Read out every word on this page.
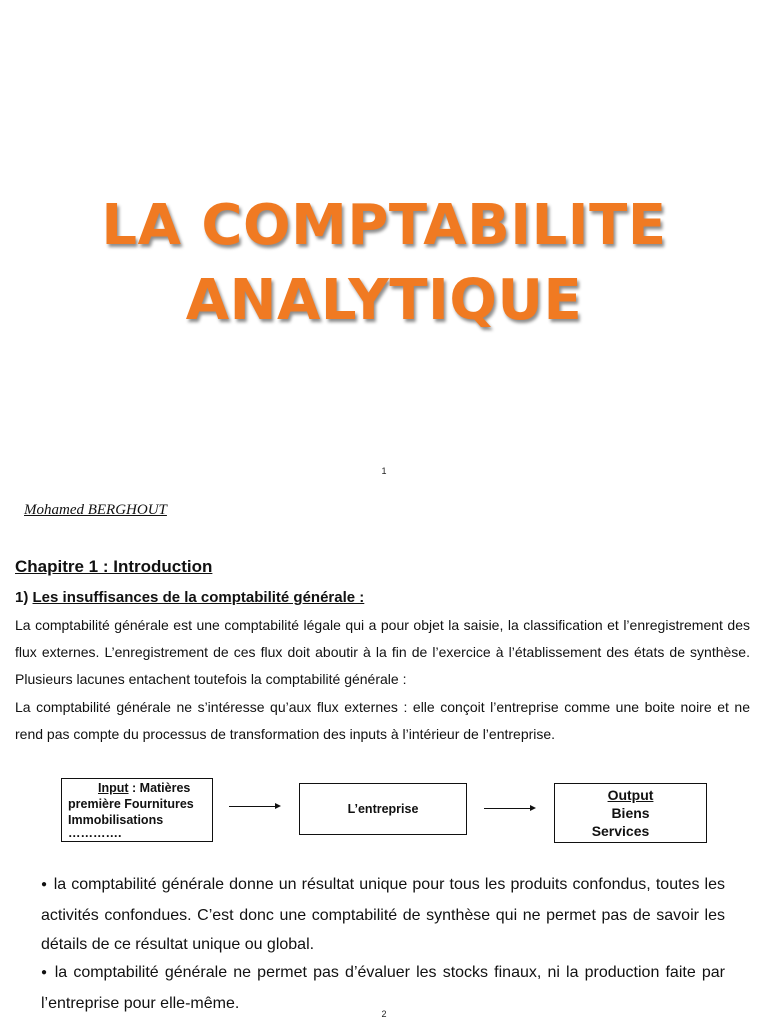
LA COMPTABILITE
ANALYTIQUE
1
Mohamed BERGHOUT
Chapitre 1 : Introduction
1) Les insuffisances de la comptabilité générale :
La comptabilité générale est une comptabilité légale qui a pour objet la saisie, la classification et l’enregistrement des flux externes. L’enregistrement de ces flux doit aboutir à la fin de l’exercice à l’établissement des états de synthèse. Plusieurs lacunes entachent toutefois la comptabilité générale :
La comptabilité générale ne s’intéresse qu’aux flux externes : elle conçoit l’entreprise comme une boite noire et ne rend pas compte du processus de transformation des inputs à l’intérieur de l’entreprise.
Input : Matières
première Fournitures
Immobilisations
………….
L’entreprise
Output
Biens
Services
● la comptabilité générale donne un résultat unique pour tous les produits confondus, toutes les activités confondues. C’est donc une comptabilité de synthèse qui ne permet pas de savoir les détails de ce résultat unique ou global.
● la comptabilité générale ne permet pas d’évaluer les stocks finaux, ni la production faite par l’entreprise pour elle-même.
2
